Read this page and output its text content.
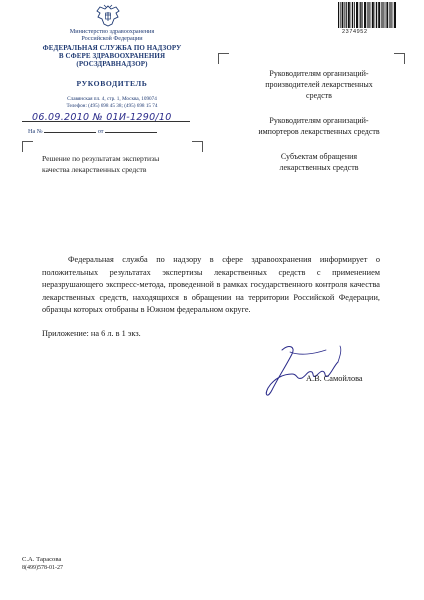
Министерство здравоохранения
Российской Федерации
ФЕДЕРАЛЬНАЯ СЛУЖБА ПО НАДЗОРУ
В СФЕРЕ ЗДРАВООХРАНЕНИЯ
(РОСЗДРАВНАДЗОР)
РУКОВОДИТЕЛЬ
Славянская пл. 4, стр. 1, Москва, 109074
Телефон: (495) 698 45 38; (495) 698 15 74
06.09.2010 № 01И-1290/10
На №	от
Решение по результатам экспертизы
качества лекарственных средств
2374952
Руководителям организаций-
производителей лекарственных
средств
Руководителям организаций-
импортеров лекарственных средств
Субъектам обращения
лекарственных средств
Федеральная служба по надзору в сфере здравоохранения информирует о положительных результатах экспертизы лекарственных средств с применением неразрушающего экспресс-метода, проведенной в рамках государственного контроля качества лекарственных средств, находящихся в обращении на территории Российской Федерации, образцы которых отобраны в Южном федеральном округе.
Приложение: на 6 л. в 1 экз.
А.В. Самойлова
С.А. Тарасова
8(499)578-01-27
